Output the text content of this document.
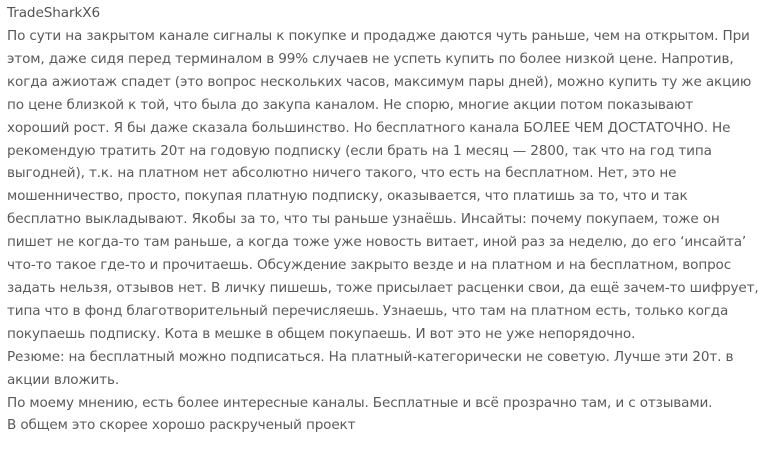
TradeSharkX6

По сути на закрытом канале сигналы к покупке и продадже даются чуть раньше, чем на открытом. При этом, даже сидя перед терминалом в 99% случаев не успеть купить по более низкой цене. Напротив, когда ажиотаж спадет (это вопрос нескольких часов, максимум пары дней), можно купить ту же акцию по цене близкой к той, что была до закупа каналом. Не спорю, многие акции потом показывают хороший рост. Я бы даже сказала большинство. Но бесплатного канала БОЛЕЕ ЧЕМ ДОСТАТОЧНО. Не рекомендую тратить 20т на годовую подписку (если брать на 1 месяц — 2800, так что на год типа выгодней), т.к. на платном нет абсолютно ничего такого, что есть на бесплатном. Нет, это не мошенничество, просто, покупая платную подписку, оказывается, что платишь за то, что и так бесплатно выкладывают. Якобы за то, что ты раньше узнаёшь. Инсайты: почему покупаем, тоже он пишет не когда-то там раньше, а когда тоже уже новость витает, иной раз за неделю, до его ‘инсайта’ что-то такое где-то и прочитаешь. Обсуждение закрыто везде и на платном и на бесплатном, вопрос задать нельзя, отзывов нет. В личку пишешь, тоже присылает расценки свои, да ещё зачем-то шифрует, типа что в фонд благотворительный перечисляешь. Узнаешь, что там на платном есть, только когда покупаешь подписку. Кота в мешке в общем покупаешь. И вот это не уже непорядочно.

Резюме: на бесплатный можно подписаться. На платный-категорически не советую. Лучше эти 20т. в акции вложить.

По моему мнению, есть более интересные каналы. Бесплатные и всё прозрачно там, и с отзывами.

В общем это скорее хорошо раскрученый проект
